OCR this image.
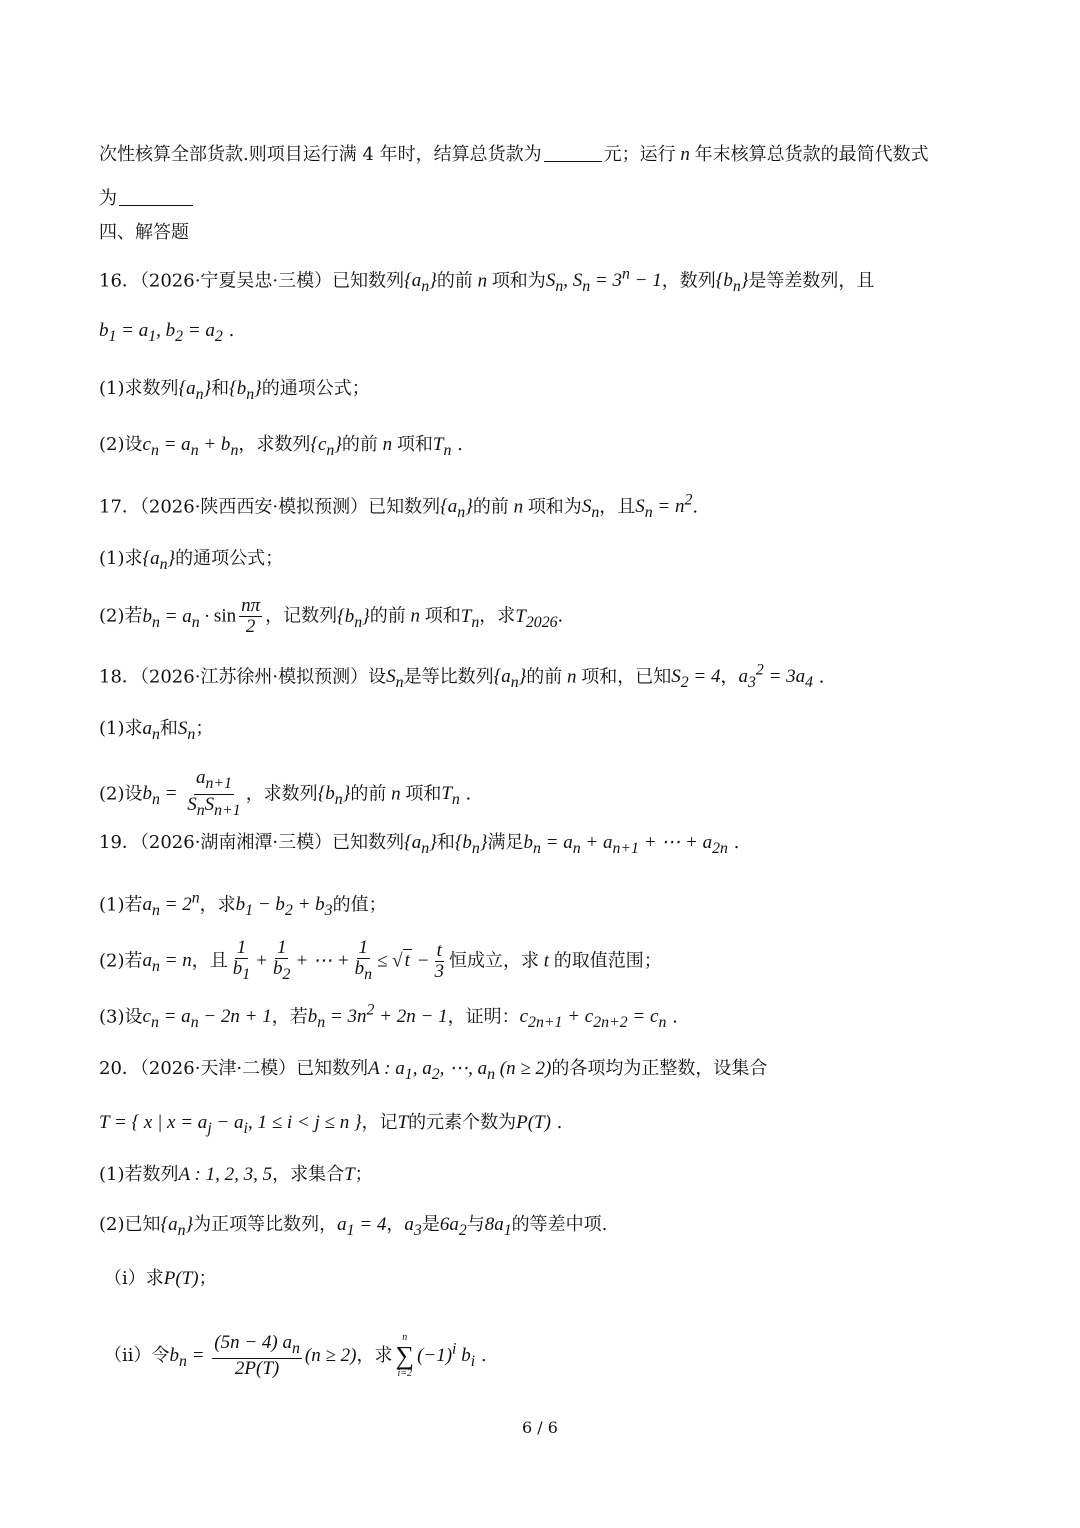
次性核算全部货款.则项目运行满 4 年时，结算总货款为	元；运行 n 年末核算总货款的最简代数式
为
四、解答题
16．（2026·宁夏吴忠·三模）已知数列$\{a_n\}$的前 n 项和为$S_n$, $S_n = 3^n - 1$，数列$\{b_n\}$是等差数列，且
$b_1 = a_1$, $b_2 = a_2$ .
(1)求数列$\{a_n\}$和$\{b_n\}$的通项公式；
(2)设$c_n = a_n + b_n$，求数列$\{c_n\}$的前 n 项和$T_n$ .
17．（2026·陕西西安·模拟预测）已知数列$\{a_n\}$的前 n 项和为$S_n$，且$S_n = n^2$.
(1)求$\{a_n\}$的通项公式；
(2)若$b_n = a_n \cdot \sin \frac{n\pi}{2}$ ，记数列$\{b_n\}$的前 n 项和$T_n$，求$T_{2026}$.
18．（2026·江苏徐州·模拟预测）设$S_n$是等比数列$\{a_n\}$的前 n 项和，已知$S_2 = 4$，$a_3^2 = 3a_4$ .
(1)求$a_n$和$S_n$；
(2)设$b_n = \frac{a_{n+1}}{S_nS_{n+1}}$ ，求数列$\{b_n\}$的前 n 项和$T_n$ .
19．（2026·湖南湘潭·三模）已知数列$\{a_n\}$和$\{b_n\}$满足$b_n = a_n + a_{n+1}$ + ⋯ + $a_{2n}$ .
(1)若$a_n = 2^n$，求$b_1 - b_2 + b_3$的值；
(2)若$a_n = n$，且 $\frac{1}{b_1} + \frac{1}{b_2}$ + ⋯ + $\frac{1}{b_n}$ ≤ √ $t - \frac{t}{3}$ 恒成立，求 t 的取值范围；
(3)设$c_n = a_n - 2n + 1$，若$b_n = 3n^2 + 2n - 1$，证明：$c_{2n+1} + c_{2n+2} = c_n$ .
20．（2026·天津·二模）已知数列A : $a_1$, $a_2$, ⋯, $a_n$ (n ≥ 2)的各项均为正整数，设集合
T = { x | $x = a_j - a_i$, 1 ≤ i < j ≤ n }，记T的元素个数为P(T) .
(1)若数列A : 1, 2, 3, 5，求集合T；
(2)已知$\{a_n\}$为正项等比数列，$a_1 = 4$，$a_3$是$6a_2$与$8a_1$的等差中项.
（i）求P(T)；
（ii）令$b_n = \frac{(5n - 4) a_n}{2P(T)} (n \ge 2)$，求
n
∑
i=2
$(-1)^i$ $b_i$ .
6 / 6
